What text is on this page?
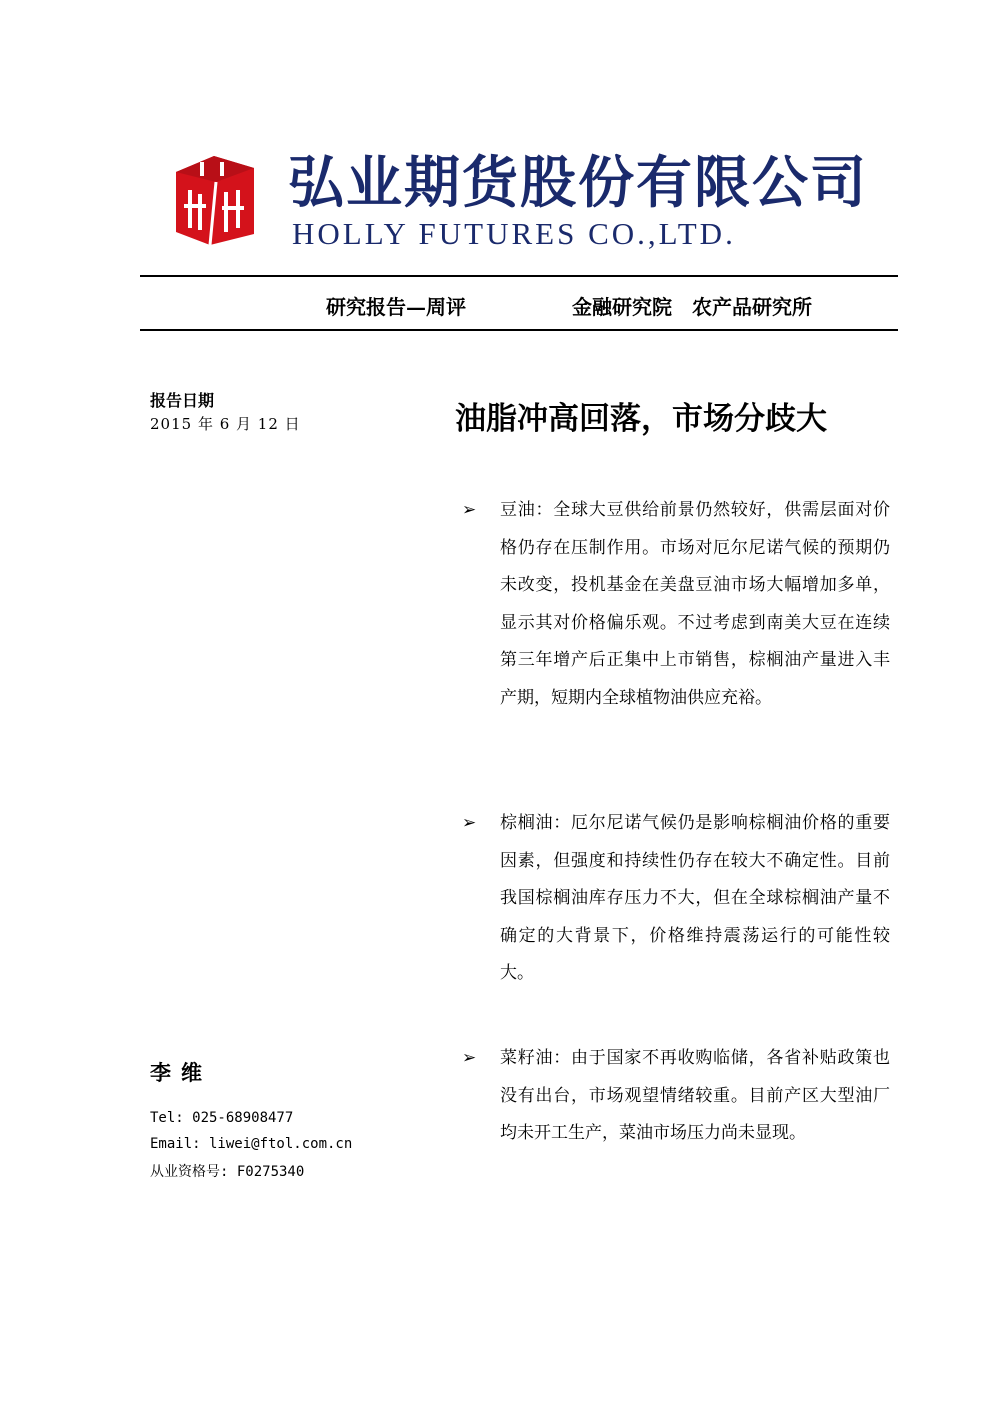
弘业期货股份有限公司
HOLLY FUTURES CO.,LTD.
研究报告—周评	金融研究院　农产品研究所
报告日期
2015 年 6 月 12 日	油脂冲高回落，市场分歧大
➢ 豆油：全球大豆供给前景仍然较好，供需层面对价格仍存在压制作用。市场对厄尔尼诺气候的预期仍未改变，投机基金在美盘豆油市场大幅增加多单，显示其对价格偏乐观。不过考虑到南美大豆在连续第三年增产后正集中上市销售，棕榈油产量进入丰产期，短期内全球植物油供应充裕。
➢ 棕榈油：厄尔尼诺气候仍是影响棕榈油价格的重要因素，但强度和持续性仍存在较大不确定性。目前我国棕榈油库存压力不大，但在全球棕榈油产量不确定的大背景下，价格维持震荡运行的可能性较大。
➢ 菜籽油：由于国家不再收购临储，各省补贴政策也没有出台，市场观望情绪较重。目前产区大型油厂均未开工生产，菜油市场压力尚未显现。
李维
Tel: 025-68908477
Email: liwei@ftol.com.cn
从业资格号: F0275340
